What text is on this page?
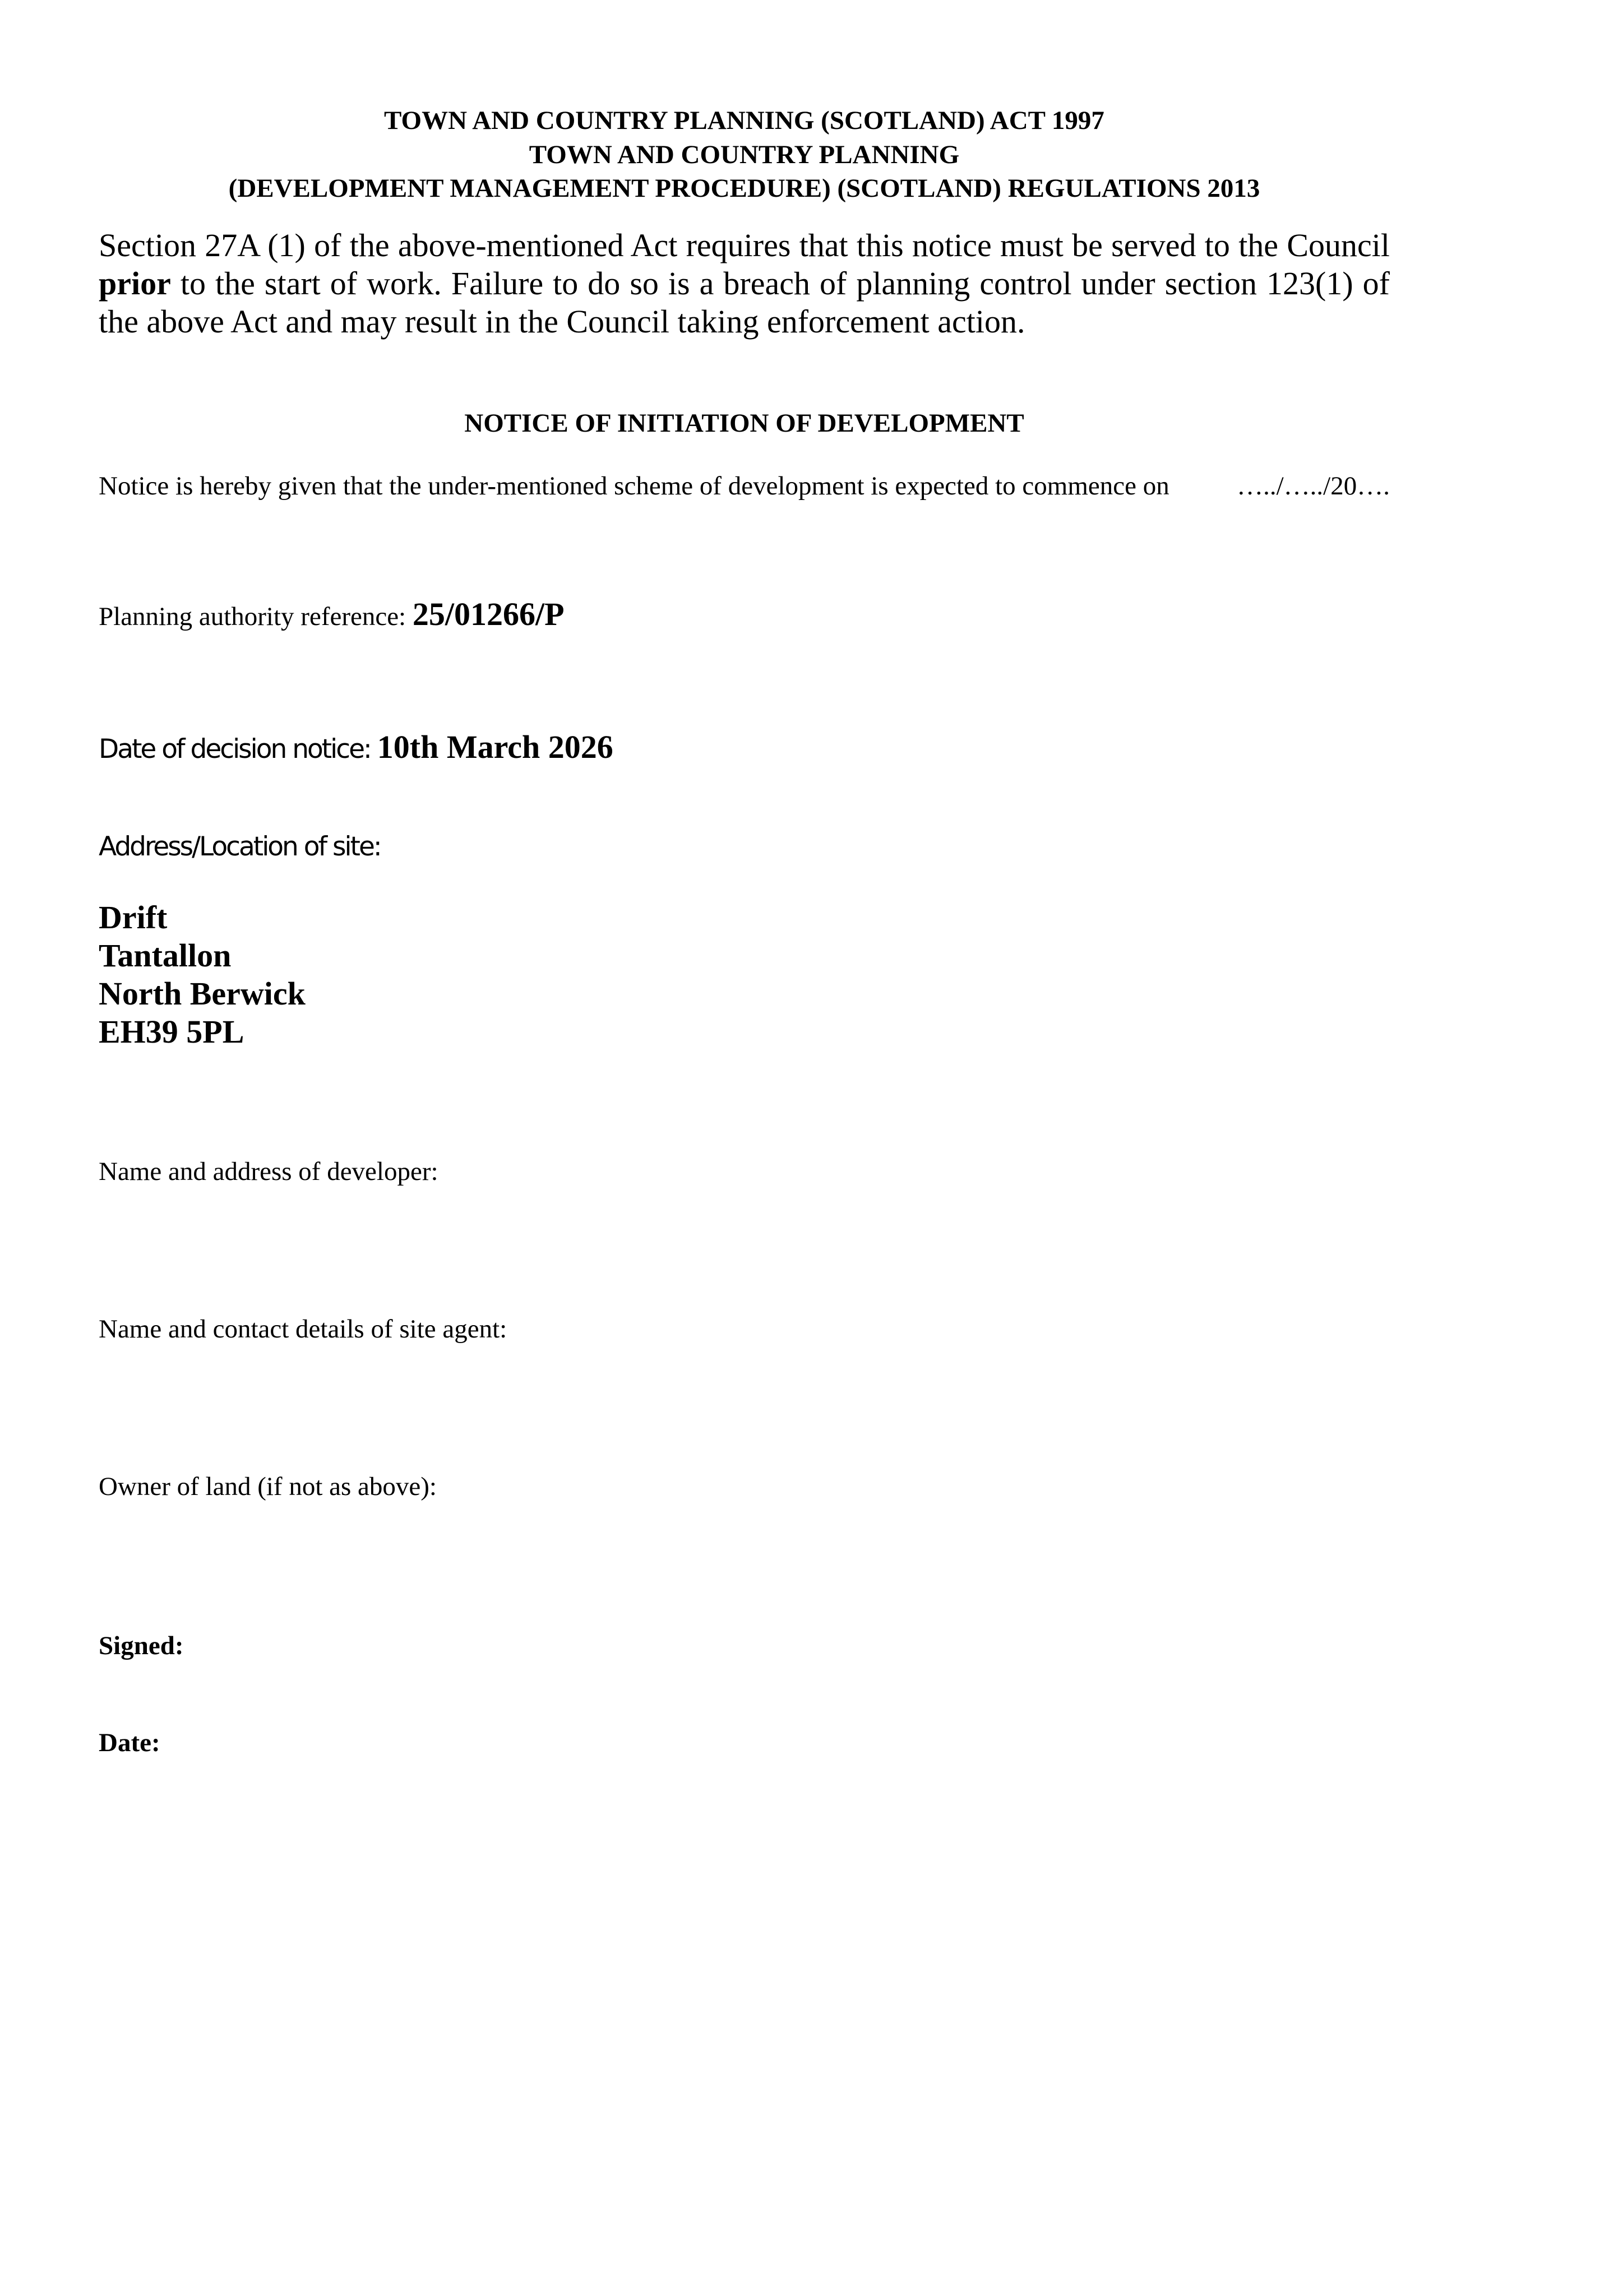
TOWN AND COUNTRY PLANNING (SCOTLAND) ACT 1997
TOWN AND COUNTRY PLANNING
(DEVELOPMENT MANAGEMENT PROCEDURE) (SCOTLAND) REGULATIONS 2013
Section 27A (1) of the above-mentioned Act requires that this notice must be served to the Council prior to the start of work. Failure to do so is a breach of planning control under section 123(1) of the above Act and may result in the Council taking enforcement action.
NOTICE OF INITIATION OF DEVELOPMENT
Notice is hereby given that the under-mentioned scheme of development is expected to commence on	…../…../20….
Planning authority reference: 25/01266/P
Date of decision notice: 10th March 2026
Address/Location of site:
Drift
Tantallon
North Berwick
EH39 5PL
Name and address of developer:
Name and contact details of site agent:
Owner of land (if not as above):
Signed:
Date:
